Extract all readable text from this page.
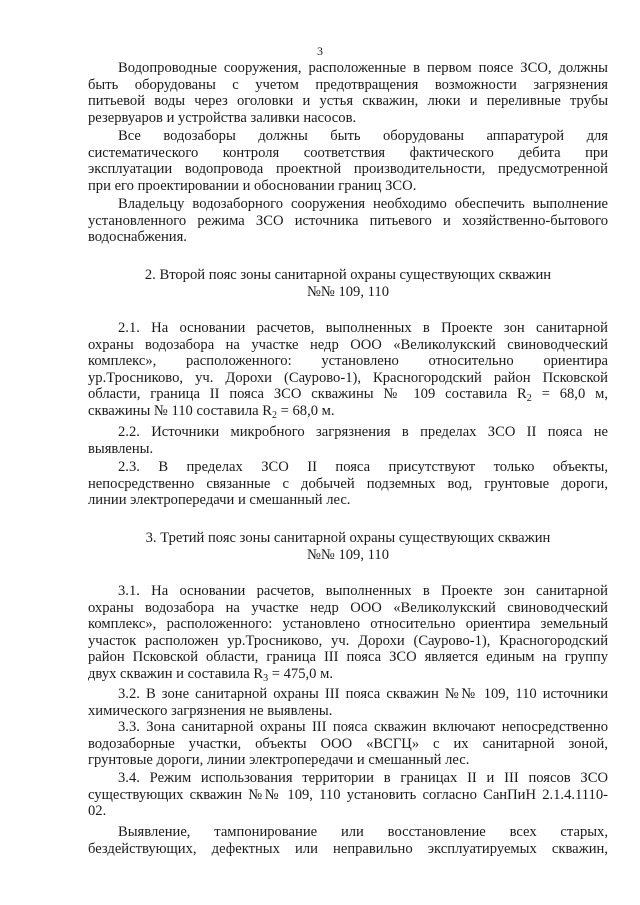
3

Водопроводные сооружения, расположенные в первом поясе ЗСО, должны
быть оборудованы с учетом предотвращения возможности загрязнения
питьевой воды через оголовки и устья скважин, люки и переливные трубы
резервуаров и устройства заливки насосов.

Все водозаборы должны быть оборудованы аппаратурой для
систематического контроля соответствия фактического дебита при
эксплуатации водопровода проектной производительности, предусмотренной
при его проектировании и обосновании границ ЗСО.

Владельцу водозаборного сооружения необходимо обеспечить выполнение
установленного режима ЗСО источника питьевого и хозяйственно-бытового
водоснабжения.

2. Второй пояс зоны санитарной охраны существующих скважин
№№ 109, 110

2.1. На основании расчетов, выполненных в Проекте зон санитарной
охраны водозабора на участке недр ООО «Великолукский свиноводческий
комплекс», расположенного: установлено относительно ориентира
ур.Тросниково, уч. Дорохи (Саурово-1), Красногородский район Псковской
области, граница II пояса ЗСО скважины № 109 составила $R_2 = 68,0$ м,
скважины № 110 составила $R_2 = 68,0$ м.

2.2. Источники микробного загрязнения в пределах ЗСО II пояса не
выявлены.

2.3. В пределах ЗСО II пояса присутствуют только объекты,
непосредственно связанные с добычей подземных вод, грунтовые дороги,
линии электропередачи и смешанный лес.

3. Третий пояс зоны санитарной охраны существующих скважин
№№ 109, 110

3.1. На основании расчетов, выполненных в Проекте зон санитарной
охраны водозабора на участке недр ООО «Великолукский свиноводческий
комплекс», расположенного: установлено относительно ориентира земельный
участок расположен ур.Тросниково, уч. Дорохи (Саурово-1), Красногородский
район Псковской области, граница III пояса ЗСО является единым на группу
двух скважин и составила $R_3 = 475,0$ м.

3.2. В зоне санитарной охраны III пояса скважин №№ 109, 110 источники
химического загрязнения не выявлены.

3.3. Зона санитарной охраны III пояса скважин включают непосредственно
водозаборные участки, объекты ООО «ВСГЦ» с их санитарной зоной,
грунтовые дороги, линии электропередачи и смешанный лес.

3.4. Режим использования территории в границах II и III поясов ЗСО
существующих скважин №№ 109, 110 установить согласно СанПиН 2.1.4.1110-
02.

Выявление, тампонирование или восстановление всех старых,
бездействующих, дефектных или неправильно эксплуатируемых скважин,
